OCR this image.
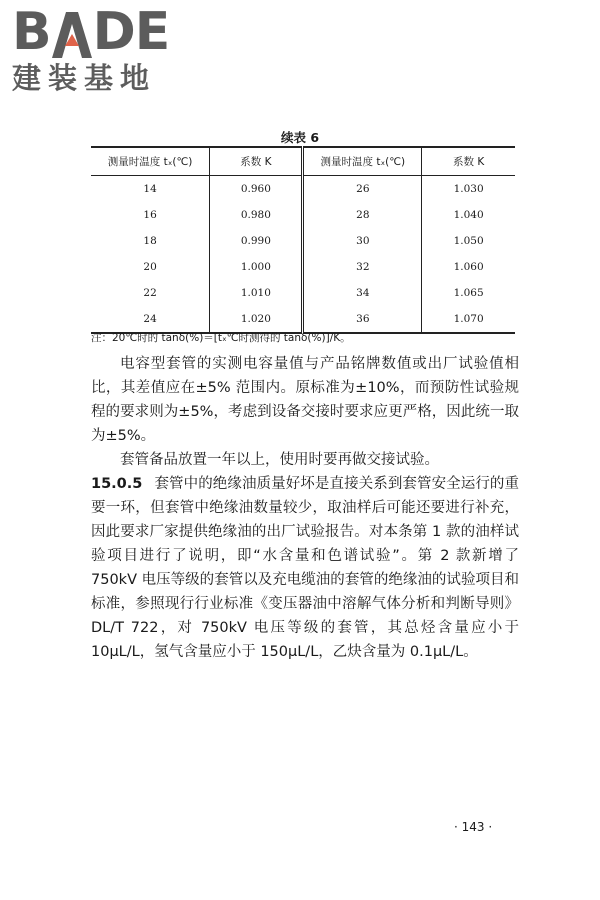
B DE
建装基地
续表 6
测量时温度 tₓ(℃)	系数 K	测量时温度 tₓ(℃)	系数 K
14	0.960	26	1.030
16	0.980	28	1.040
18	0.990	30	1.050
20	1.000	32	1.060
22	1.010	34	1.065
24	1.020	36	1.070
注：20℃时的 tanδ(%)＝[tₓ℃时测得的 tanδ(%)]/K。

电容型套管的实测电容量值与产品铭牌数值或出厂试验值相比，其差值应在±5% 范围内。原标准为±10%，而预防性试验规程的要求则为±5%，考虑到设备交接时要求应更严格，因此统一取为±5%。

套管备品放置一年以上，使用时要再做交接试验。

15.0.5 套管中的绝缘油质量好坏是直接关系到套管安全运行的重要一环，但套管中绝缘油数量较少，取油样后可能还要进行补充，因此要求厂家提供绝缘油的出厂试验报告。对本条第 1 款的油样试验项目进行了说明，即“水含量和色谱试验”。第 2 款新增了 750kV 电压等级的套管以及充电缆油的套管的绝缘油的试验项目和标准，参照现行行业标准《变压器油中溶解气体分析和判断导则》DL/T 722，对 750kV 电压等级的套管，其总烃含量应小于 10μL/L，氢气含量应小于 150μL/L，乙炔含量为 0.1μL/L。

· 143 ·
